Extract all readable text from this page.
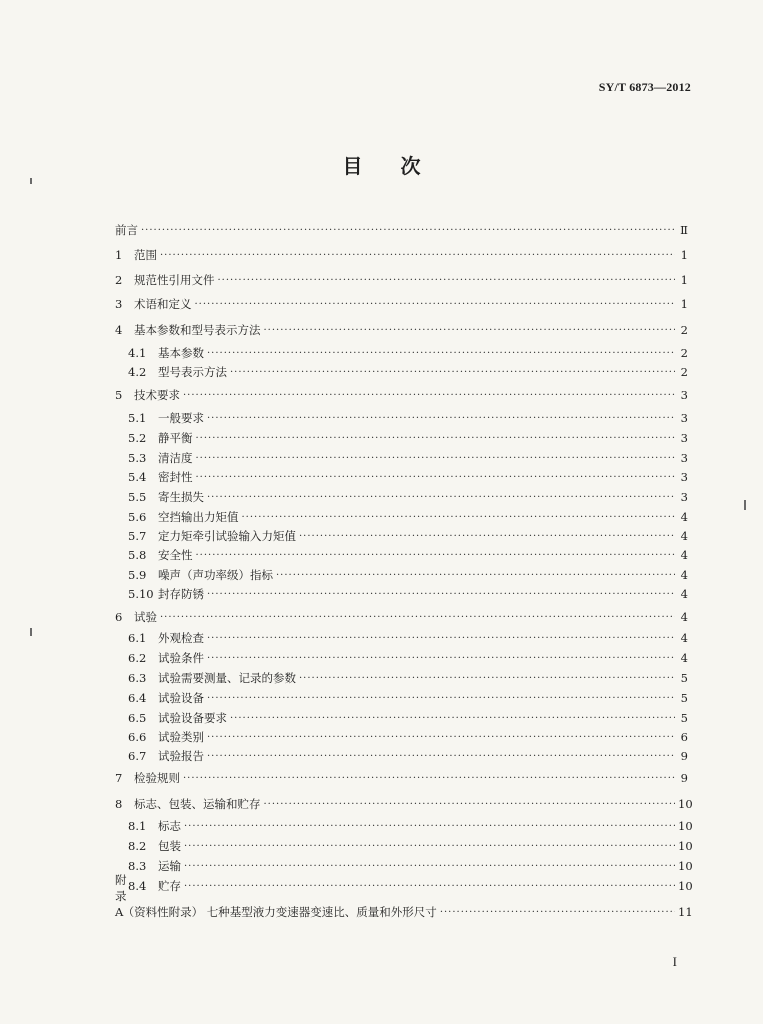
SY/T 6873—2012
目 次
前言 ·····	Ⅱ
1	范围 ·····	1
2	规范性引用文件 ·····	1
3	术语和定义 ·····	1
4	基本参数和型号表示方法 ·····	2
4.1	基本参数 ·····	2
4.2	型号表示方法 ·····	2
5	技术要求 ·····	3
5.1	一般要求 ·····	3
5.2	静平衡 ·····	3
5.3	清洁度 ·····	3
5.4	密封性 ·····	3
5.5	寄生损失 ·····	3
5.6	空挡输出力矩值 ·····	4
5.7	定力矩牵引试验输入力矩值 ·····	4
5.8	安全性 ·····	4
5.9	噪声（声功率级）指标 ·····	4
5.10 封存防锈 ·····	4
6	试验 ·····	4
6.1	外观检查 ·····	4
6.2	试验条件 ·····	4
6.3	试验需要测量、记录的参数 ·····	5
6.4	试验设备 ·····	5
6.5	试验设备要求 ·····	5
6.6	试验类别 ·····	6
6.7	试验报告 ·····	9
7	检验规则 ·····	9
8	标志、包装、运输和贮存 ·····	10
8.1	标志 ·····	10
8.2	包装 ·····	10
8.3	运输 ·····	10
8.4	贮存 ·····	10
附录A （资料性附录） 七种基型液力变速器变速比、质量和外形尺寸 ·····	11
I
